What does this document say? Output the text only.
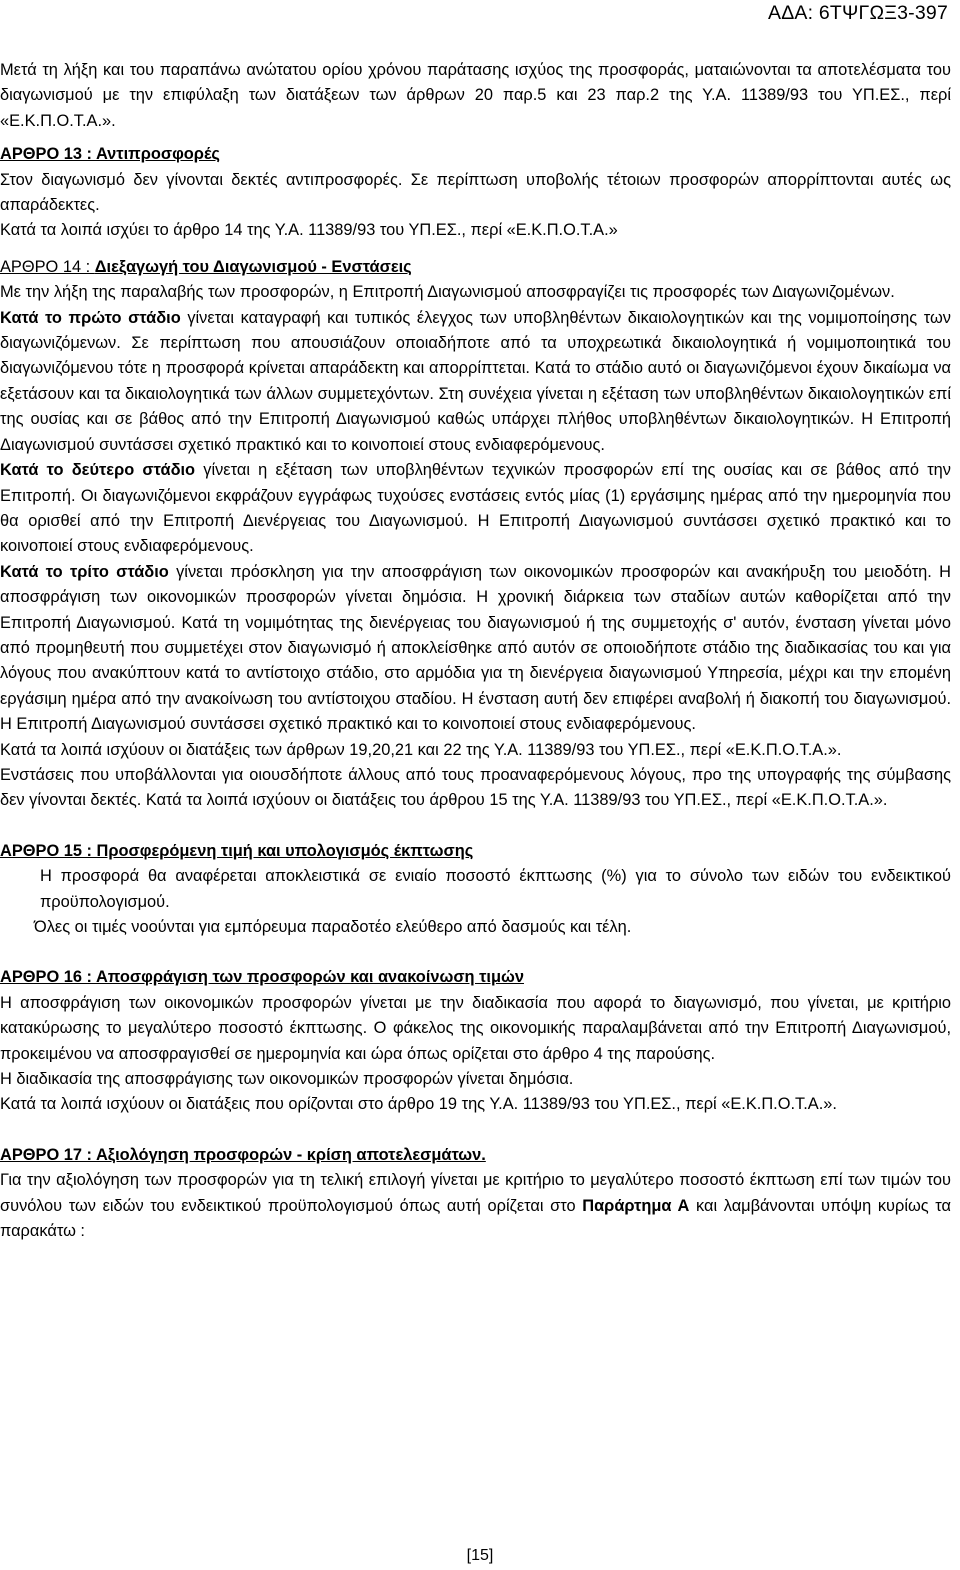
ΑΔΑ: 6ΤΨΓΩΞ3-397

Μετά τη λήξη και του παραπάνω ανώτατου ορίου χρόνου παράτασης ισχύος της προσφοράς, ματαιώνονται τα αποτελέσματα του διαγωνισμού με την επιφύλαξη των διατάξεων των άρθρων 20 παρ.5 και 23 παρ.2 της Υ.Α. 11389/93 του ΥΠ.ΕΣ., περί «Ε.Κ.Π.Ο.Τ.Α.».

ΑΡΘΡΟ 13 : Αντιπροσφορές

Στον διαγωνισμό δεν γίνονται δεκτές αντιπροσφορές. Σε περίπτωση υποβολής τέτοιων προσφορών απορρίπτονται αυτές ως απαράδεκτες.

Κατά τα λοιπά ισχύει το άρθρο 14 της Υ.Α. 11389/93 του ΥΠ.ΕΣ., περί «Ε.Κ.Π.Ο.Τ.Α.»

ΑΡΘΡΟ 14 : Διεξαγωγή του Διαγωνισμού - Ενστάσεις

Με την λήξη της παραλαβής των προσφορών, η Επιτροπή Διαγωνισμού αποσφραγίζει τις προσφορές των Διαγωνιζομένων.

Κατά το πρώτο στάδιο γίνεται καταγραφή και τυπικός έλεγχος των υποβληθέντων δικαιολογητικών και της νομιμοποίησης των διαγωνιζόμενων. Σε περίπτωση που απουσιάζουν οποιαδήποτε από τα υποχρεωτικά δικαιολογητικά ή νομιμοποιητικά του διαγωνιζόμενου τότε η προσφορά κρίνεται απαράδεκτη και απορρίπτεται. Κατά το στάδιο αυτό οι διαγωνιζόμενοι έχουν δικαίωμα να εξετάσουν και τα δικαιολογητικά των άλλων συμμετεχόντων. Στη συνέχεια γίνεται η εξέταση των υποβληθέντων δικαιολογητικών επί της ουσίας και σε βάθος από την Επιτροπή Διαγωνισμού καθώς υπάρχει πλήθος υποβληθέντων δικαιολογητικών. Η Επιτροπή Διαγωνισμού συντάσσει σχετικό πρακτικό και το κοινοποιεί στους ενδιαφερόμενους.

Κατά το δεύτερο στάδιο γίνεται η εξέταση των υποβληθέντων τεχνικών προσφορών επί της ουσίας και σε βάθος από την Επιτροπή. Οι διαγωνιζόμενοι εκφράζουν εγγράφως τυχούσες ενστάσεις εντός μίας (1) εργάσιμης ημέρας από την ημερομηνία που θα ορισθεί από την Επιτροπή Διενέργειας του Διαγωνισμού. Η Επιτροπή Διαγωνισμού συντάσσει σχετικό πρακτικό και το κοινοποιεί στους ενδιαφερόμενους.

Κατά το τρίτο στάδιο γίνεται πρόσκληση για την αποσφράγιση των οικονομικών προσφορών και ανακήρυξη του μειοδότη. Η αποσφράγιση των οικονομικών προσφορών γίνεται δημόσια. Η χρονική διάρκεια των σταδίων αυτών καθορίζεται από την Επιτροπή Διαγωνισμού. Κατά τη νομιμότητας της διενέργειας του διαγωνισμού ή της συμμετοχής σ' αυτόν, ένσταση γίνεται μόνο από προμηθευτή που συμμετέχει στον διαγωνισμό ή αποκλείσθηκε από αυτόν σε οποιοδήποτε στάδιο της διαδικασίας του και για λόγους που ανακύπτουν κατά το αντίστοιχο στάδιο, στο αρμόδια για τη διενέργεια διαγωνισμού Υπηρεσία, μέχρι και την επομένη εργάσιμη ημέρα από την ανακοίνωση του αντίστοιχου σταδίου. Η ένσταση αυτή δεν επιφέρει αναβολή ή διακοπή του διαγωνισμού. Η Επιτροπή Διαγωνισμού συντάσσει σχετικό πρακτικό και το κοινοποιεί στους ενδιαφερόμενους.

Κατά τα λοιπά ισχύουν οι διατάξεις των άρθρων 19,20,21 και 22 της Υ.Α. 11389/93 του ΥΠ.ΕΣ., περί «Ε.Κ.Π.Ο.Τ.Α.».

Ενστάσεις που υποβάλλονται για οιουσδήποτε άλλους από τους προαναφερόμενους λόγους, προ της υπογραφής της σύμβασης δεν γίνονται δεκτές. Κατά τα λοιπά ισχύουν οι διατάξεις του άρθρου 15 της Υ.Α. 11389/93 του ΥΠ.ΕΣ., περί «Ε.Κ.Π.Ο.Τ.Α.».

ΑΡΘΡΟ 15 : Προσφερόμενη τιμή και υπολογισμός έκπτωσης

Η προσφορά θα αναφέρεται αποκλειστικά σε ενιαίο ποσοστό έκπτωσης (%) για το σύνολο των ειδών του ενδεικτικού προϋπολογισμού.

Όλες οι τιμές νοούνται για εμπόρευμα παραδοτέο ελεύθερο από δασμούς και τέλη.

ΑΡΘΡΟ 16 : Αποσφράγιση των προσφορών και ανακοίνωση τιμών

Η αποσφράγιση των οικονομικών προσφορών γίνεται με την διαδικασία που αφορά το διαγωνισμό, που γίνεται, με κριτήριο κατακύρωσης το μεγαλύτερο ποσοστό έκπτωσης. Ο φάκελος της οικονομικής παραλαμβάνεται από την Επιτροπή Διαγωνισμού, προκειμένου να αποσφραγισθεί σε ημερομηνία και ώρα όπως ορίζεται στο άρθρο 4 της παρούσης.

Η διαδικασία της αποσφράγισης των οικονομικών προσφορών γίνεται δημόσια.

Κατά τα λοιπά ισχύουν οι διατάξεις που ορίζονται στο άρθρο 19 της Υ.Α. 11389/93 του ΥΠ.ΕΣ., περί «Ε.Κ.Π.Ο.Τ.Α.».

ΑΡΘΡΟ 17 : Αξιολόγηση προσφορών - κρίση αποτελεσμάτων.

Για την αξιολόγηση των προσφορών για τη τελική επιλογή γίνεται με κριτήριο το μεγαλύτερο ποσοστό έκπτωση επί των τιμών του συνόλου των ειδών του ενδεικτικού προϋπολογισμού όπως αυτή ορίζεται στο Παράρτημα Α και λαμβάνονται υπόψη κυρίως τα παρακάτω :

[15]
